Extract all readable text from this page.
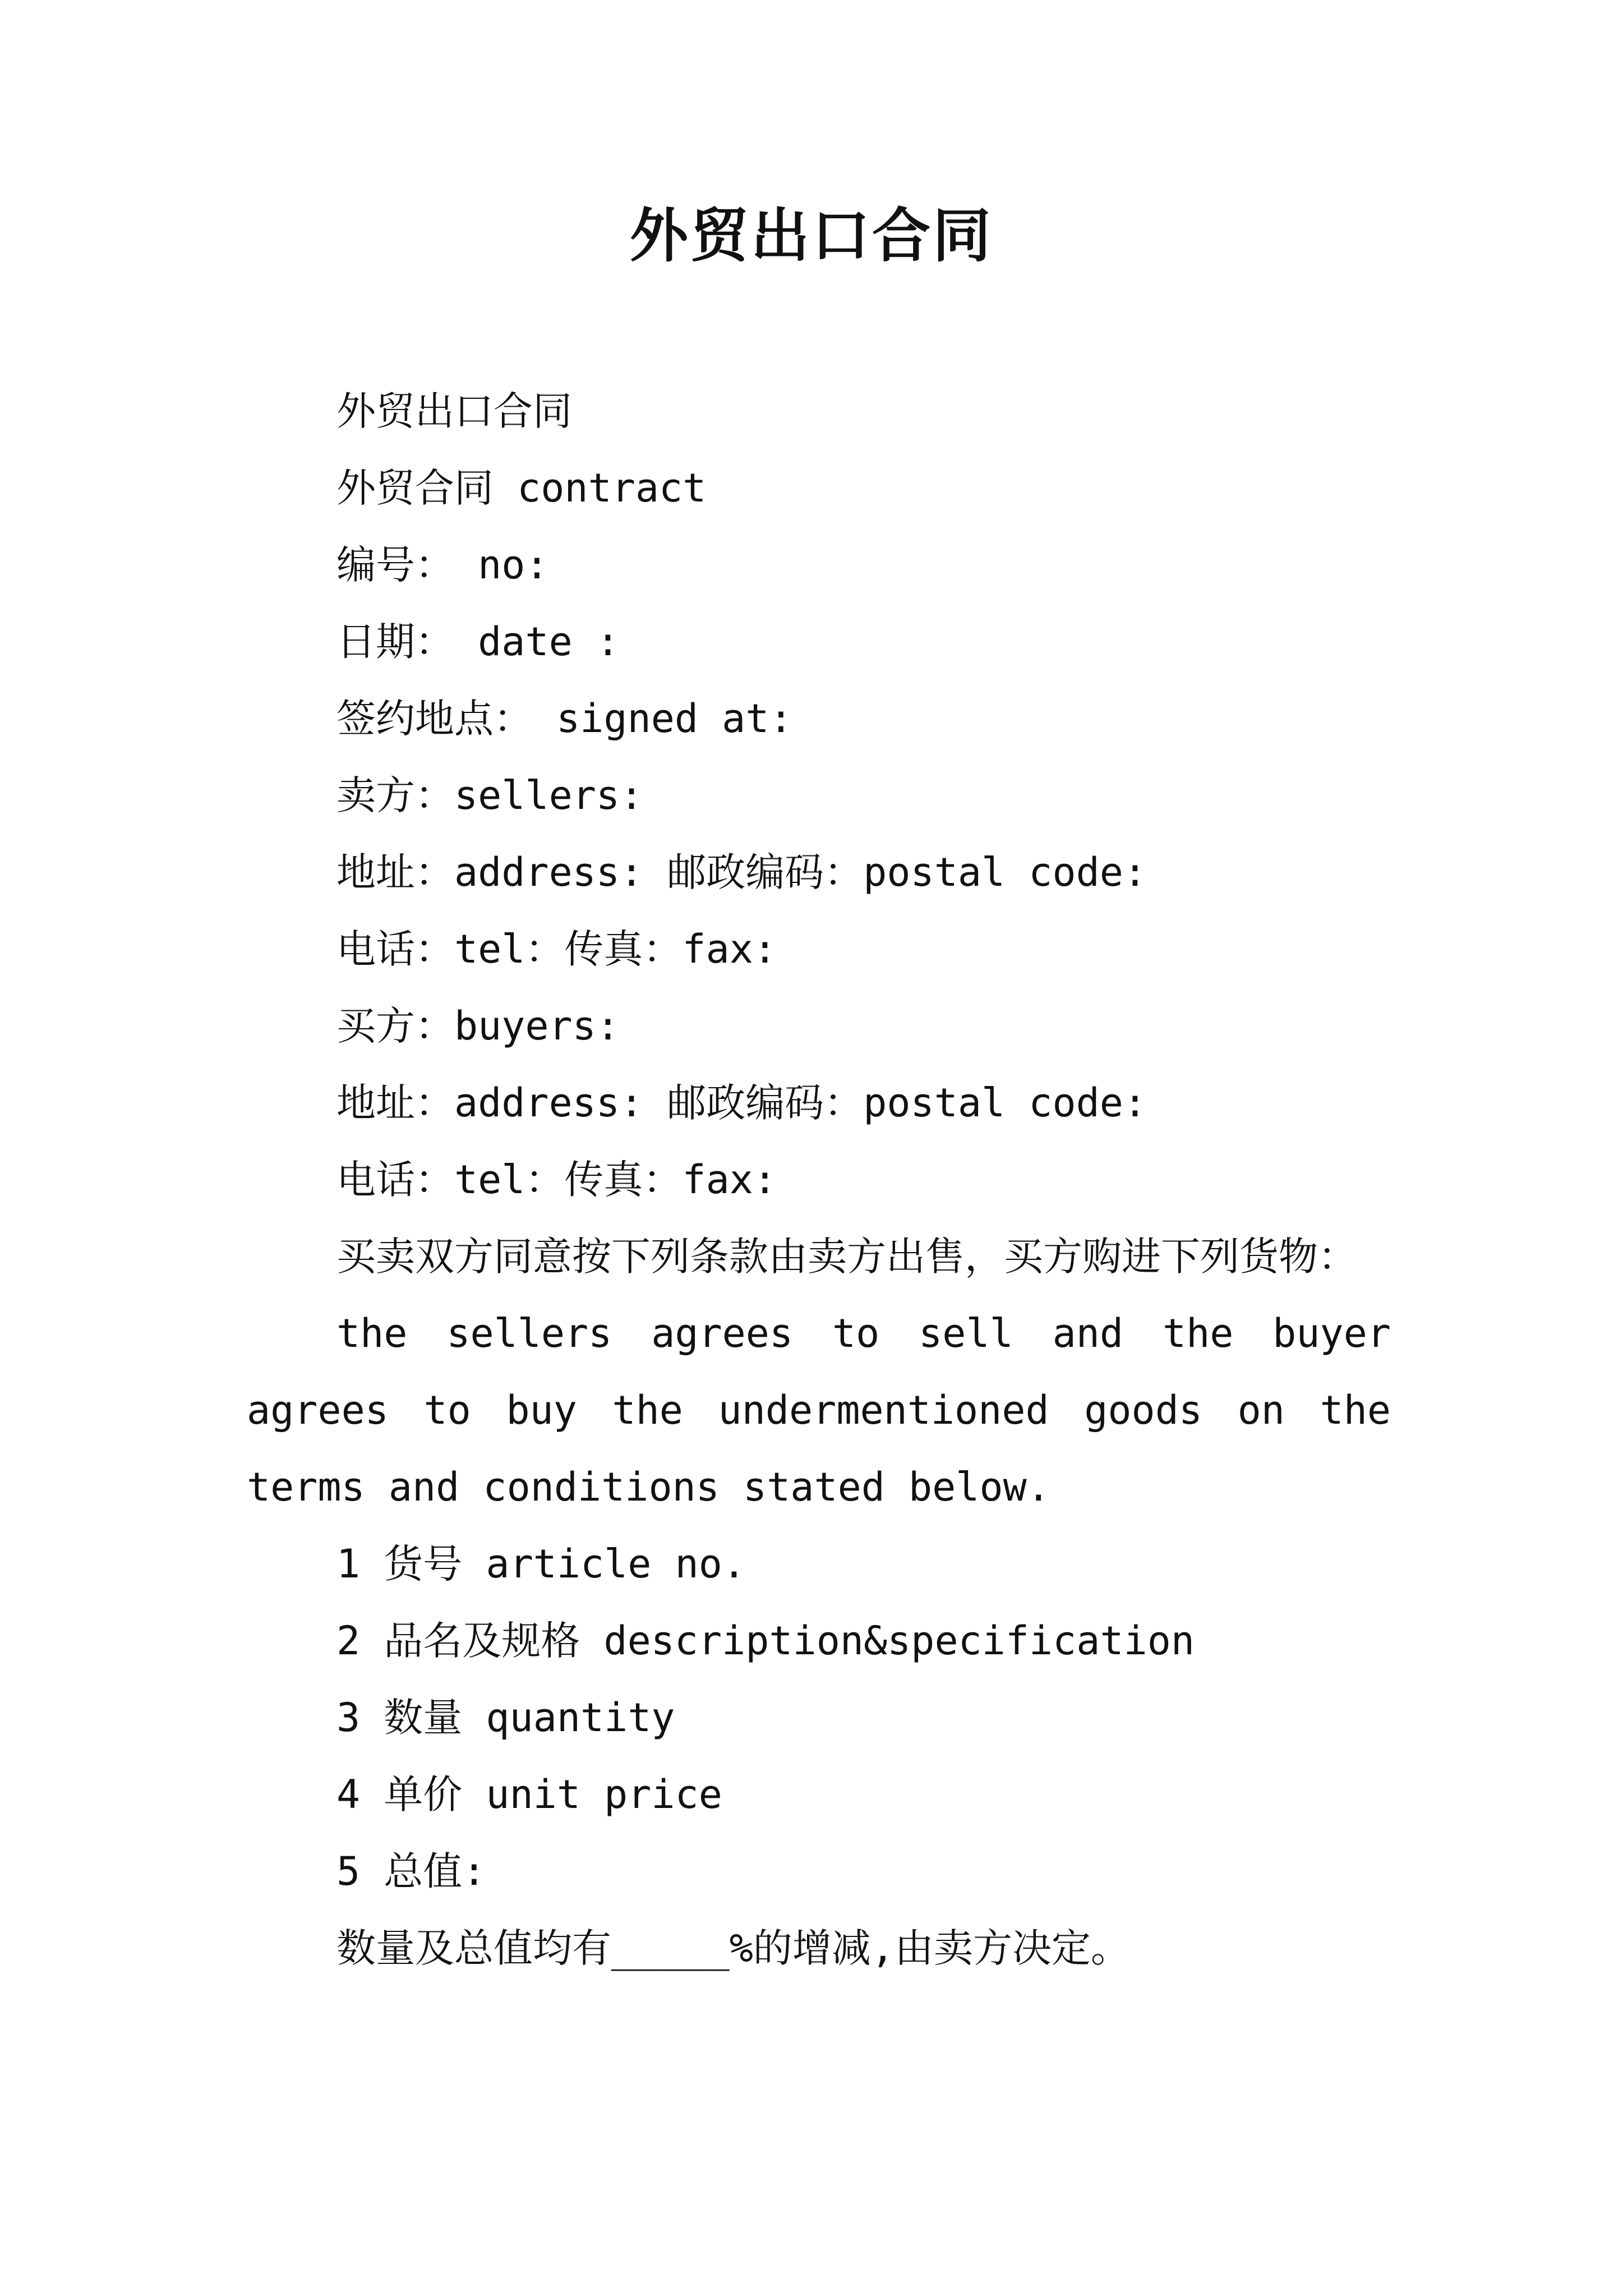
外贸出口合同
外贸出口合同
外贸合同 contract
编号： no:
日期： date :
签约地点： signed at:
卖方：sellers:
地址：address: 邮政编码：postal code:
电话：tel：传真：fax:
买方：buyers:
地址：address: 邮政编码：postal code:
电话：tel：传真：fax:
买卖双方同意按下列条款由卖方出售，买方购进下列货物：
the sellers agrees to sell and the buyer agrees to buy the undermentioned goods on the terms and conditions stated below.
1 货号 article no.
2 品名及规格 description&specification
3 数量 quantity
4 单价 unit price
5 总值:
数量及总值均有_____%的增减,由卖方决定。
